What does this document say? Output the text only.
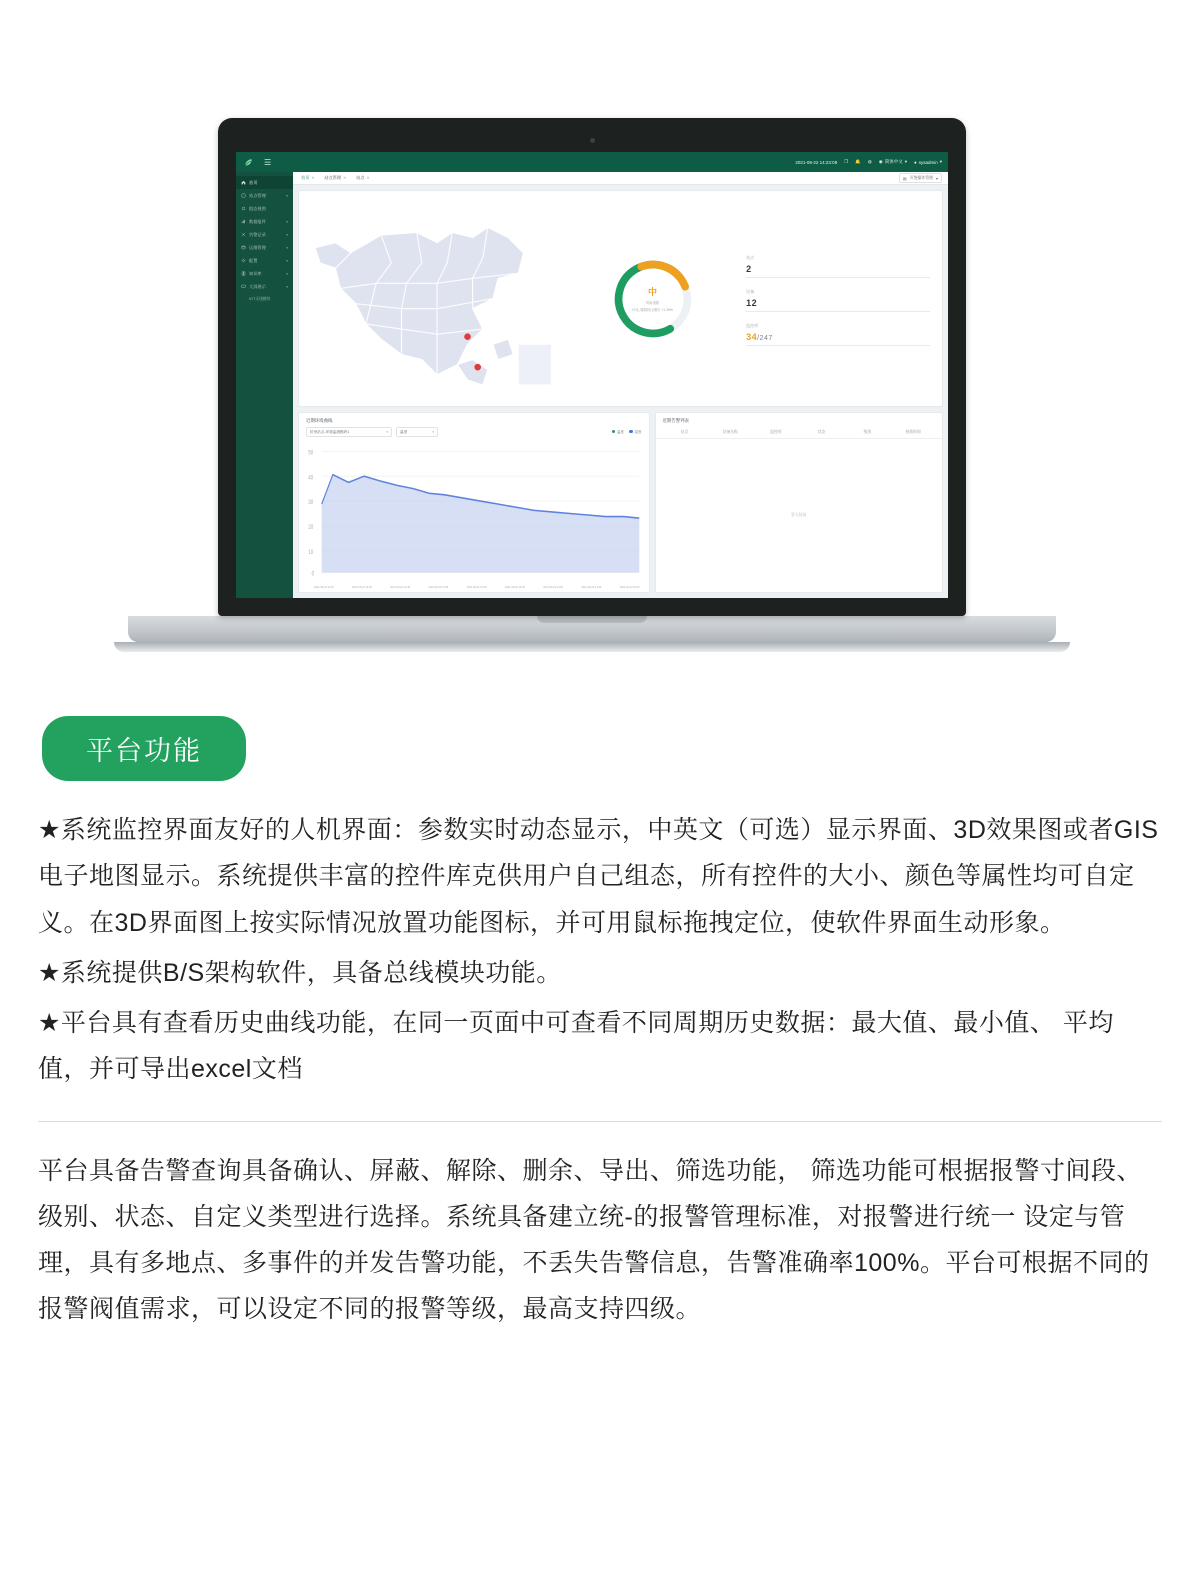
☰	2021-09-22 14:23:08 ❐ 🔔 ◍ ◉ 简体中文 ▾ ● sysadmin ▾
首页
站点管理	▾
组态视图
数据报件	▾
告警记录	▾
运维管理	▾
配置	▾
知识库	▾
大屏展示	▾
IOT无线模块
首页 ✕ 站点管理 ✕ 站点 ✕	▤ 页签操作管理 ▾
中
风险指数
环比-周期同比增长 +1.25%
站点
2
设备
12
监控项
34/247
近期环境曲线
杭州站点-环境监测模块1	▾	温度	▾	温度	湿度
50
40
30
20
10
0
2021-09-22 11:26	2021-09-22 12:06	2021-09-22 12:46	2021-09-22 13:26	2021-09-22 13:26	2021-09-22 13:46	2021-09-22 14:06	2021-09-22 14:26	2021-09-22 14:06
近期告警列表
站点	设备名称	监控项	状态	级别	持续时间
暂无数据
平台功能

★系统监控界面友好的人机界面：参数实时动态显示，中英文（可选）显示界面、3D效果图或者GIS电子地图显示。系统提供丰富的控件库克供用户自己组态，所有控件的大小、颜色等属性均可自定义。在3D界面图上按实际情况放置功能图标，并可用鼠标拖拽定位，使软件界面生动形象。

★系统提供B/S架构软件，具备总线模块功能。

★平台具有查看历史曲线功能，在同一页面中可查看不同周期历史数据：最大值、最小值、 平均值，并可导出excel文档

平台具备告警查询具备确认、屏蔽、解除、删余、导出、筛选功能， 筛选功能可根据报警寸间段、级别、状态、自定义类型进行选择。系统具备建立统-的报警管理标准，对报警进行统一 设定与管理，具有多地点、多事件的并发告警功能，不丢失告警信息，告警准确率100%。平台可根据不同的报警阀值需求，可以设定不同的报警等级，最高支持四级。
